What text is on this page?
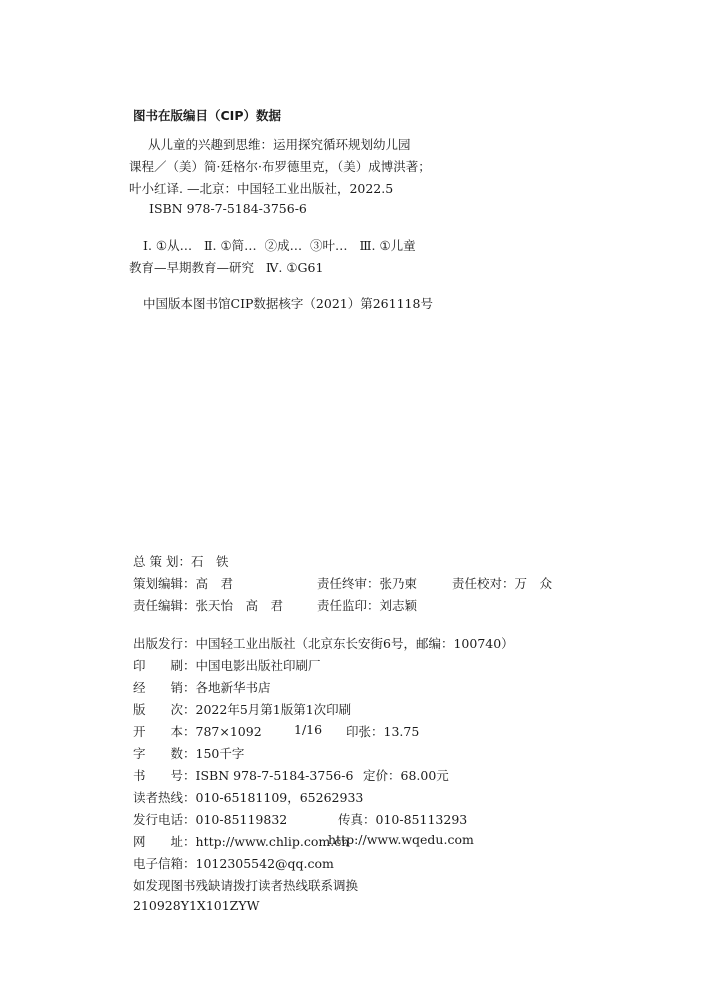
图书在版编目（CIP）数据
从儿童的兴趣到思维：运用探究循环规划幼儿园
课程／（美）简·廷格尔·布罗德里克，（美）成博洪著；
叶小红译. —北京：中国轻工业出版社，2022.5
ISBN 978-7-5184-3756-6
Ⅰ. ①从…   Ⅱ. ①简…  ②成…  ③叶…   Ⅲ. ①儿童
教育—早期教育—研究   Ⅳ. ①G61
中国版本图书馆CIP数据核字（2021）第261118号
总 策 划：石　铁
策划编辑：高　君	责任终审：张乃柬	责任校对：万　众
责任编辑：张天怡　高　君	责任监印：刘志颖
出版发行：中国轻工业出版社（北京东长安街6号，邮编：100740）
印　　刷：中国电影出版社印刷厂
经　　销：各地新华书店
版　　次：2022年5月第1版第1次印刷
开　　本：787×1092	1/16 印张：13.75
字　　数：150千字
书　　号：ISBN 978-7-5184-3756-6 定价：68.00元
读者热线：010-65181109，65262933
发行电话：010-85119832	传真：010-85113293
网　　址：http://www.chlip.com.cn
http://www.wqedu.com
电子信箱：1012305542@qq.com
如发现图书残缺请拨打读者热线联系调换
210928Y1X101ZYW
